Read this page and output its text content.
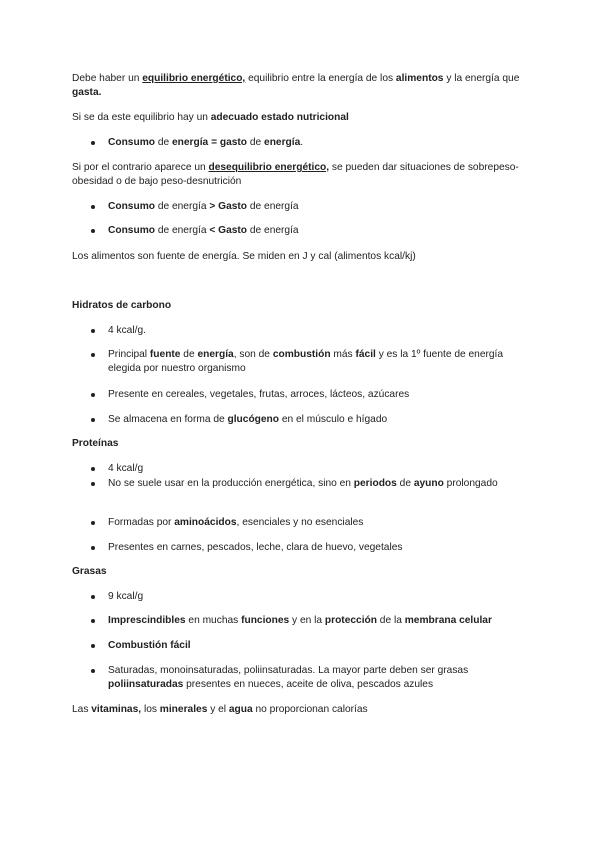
Debe haber un equilibrio energético, equilibrio entre la energía de los alimentos y la energía que gasta.

Si se da este equilibrio hay un adecuado estado nutricional

Consumo de energía = gasto de energía.

Si por el contrario aparece un desequilibrio energético, se pueden dar situaciones de sobrepeso-obesidad o de bajo peso-desnutrición

Consumo de energía > Gasto de energía
Consumo de energía < Gasto de energía

Los alimentos son fuente de energía. Se miden en J y cal (alimentos kcal/kj)

Hidratos de carbono

4 kcal/g.
Principal fuente de energía, son de combustión más fácil y es la 1º fuente de energía elegida por nuestro organismo
Presente en cereales, vegetales, frutas, arroces, lácteos, azúcares
Se almacena en forma de glucógeno en el músculo e hígado

Proteínas

4 kcal/g
No se suele usar en la producción energética, sino en periodos de ayuno prolongado
Formadas por aminoácidos, esenciales y no esenciales
Presentes en carnes, pescados, leche, clara de huevo, vegetales

Grasas

9 kcal/g
Imprescindibles en muchas funciones y en la protección de la membrana celular
Combustión fácil
Saturadas, monoinsaturadas, poliinsaturadas. La mayor parte deben ser grasas poliinsaturadas presentes en nueces, aceite de oliva, pescados azules

Las vitaminas, los minerales y el agua no proporcionan calorías
